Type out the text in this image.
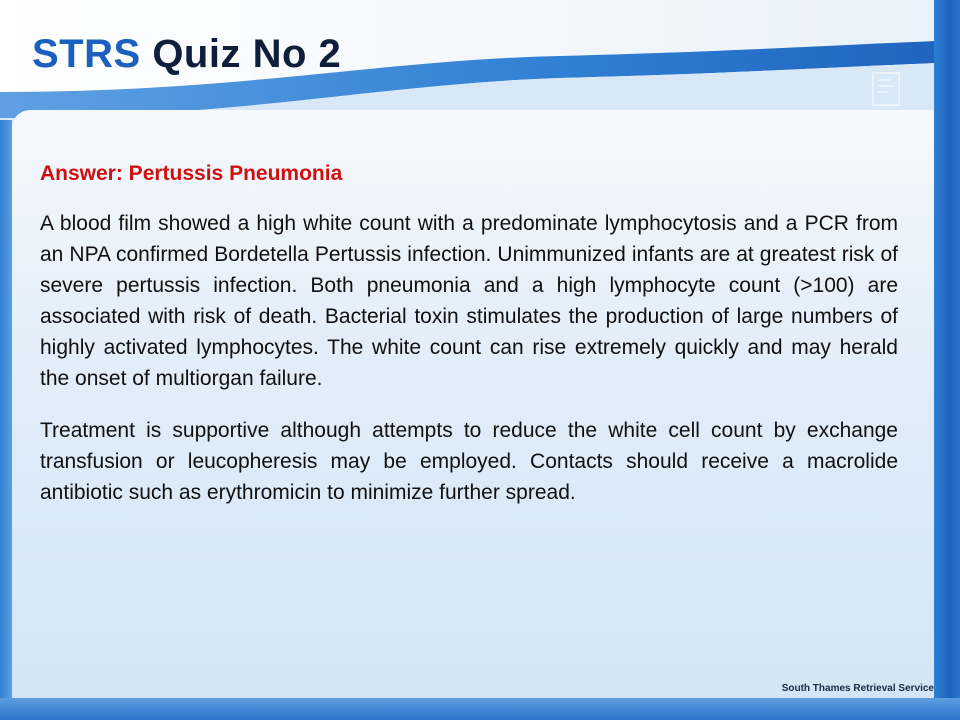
STRS Quiz No 2

Answer: Pertussis Pneumonia

A blood film showed a high white count with a predominate lymphocytosis and a PCR from an NPA confirmed Bordetella Pertussis infection. Unimmunized infants are at greatest risk of severe pertussis infection. Both pneumonia and a high lymphocyte count (>100) are associated with risk of death. Bacterial toxin stimulates the production of large numbers of highly activated lymphocytes. The white count can rise extremely quickly and may herald the onset of multiorgan failure.

Treatment is supportive although attempts to reduce the white cell count by exchange transfusion or leucopheresis may be employed. Contacts should receive a macrolide antibiotic such as erythromicin to minimize further spread.

South Thames Retrieval Service
